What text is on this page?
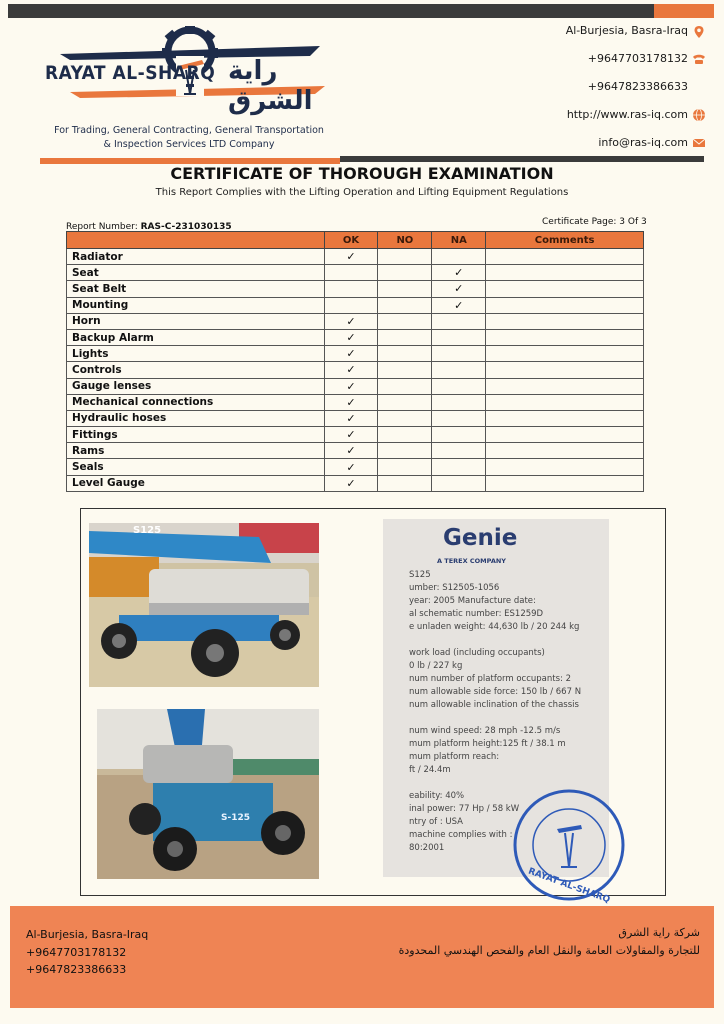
RAYAT AL-SHARQ راية الشرق
For Trading, General Contracting, General Transportation
& Inspection Services LTD Company
Al-Burjesia, Basra-Iraq
+9647703178132
+9647823386633
http://www.ras-iq.com
info@ras-iq.com
CERTIFICATE OF THOROUGH EXAMINATION
This Report Complies with the Lifting Operation and Lifting Equipment Regulations
Report Number: RAS-C-231030135	Certificate Page: 3 Of 3
	OK	NO	NA	Comments
Radiator	✓			
Seat			✓	
Seat Belt			✓	
Mounting			✓	
Horn	✓			
Backup Alarm	✓			
Lights	✓			
Controls	✓			
Gauge lenses	✓			
Mechanical connections	✓			
Hydraulic hoses	✓			
Fittings	✓			
Rams	✓			
Seals	✓			
Level Gauge	✓			
S125
S-125
Genie
A TEREX COMPANY
S125
umber: S12505-1056
year: 2005 Manufacture date:
al schematic number: ES1259D
e unladen weight: 44,630 lb / 20 244 kg

work load (including occupants)
0 lb / 227 kg
num number of platform occupants: 2
num allowable side force: 150 lb / 667 N
num allowable inclination of the chassis

num wind speed: 28 mph -12.5 m/s
mum platform height:125 ft / 38.1 m
mum platform reach:
ft / 24.4m

eability: 40%
inal power: 77 Hp / 58 kW
ntry of : USA
machine complies with :
80:2001
RAYAT AL-SHARQ
Al-Burjesia, Basra-Iraq
+9647703178132
+9647823386633
شركة راية الشرق
للتجارة والمقاولات العامة والنقل العام والفحص الهندسي المحدودة
